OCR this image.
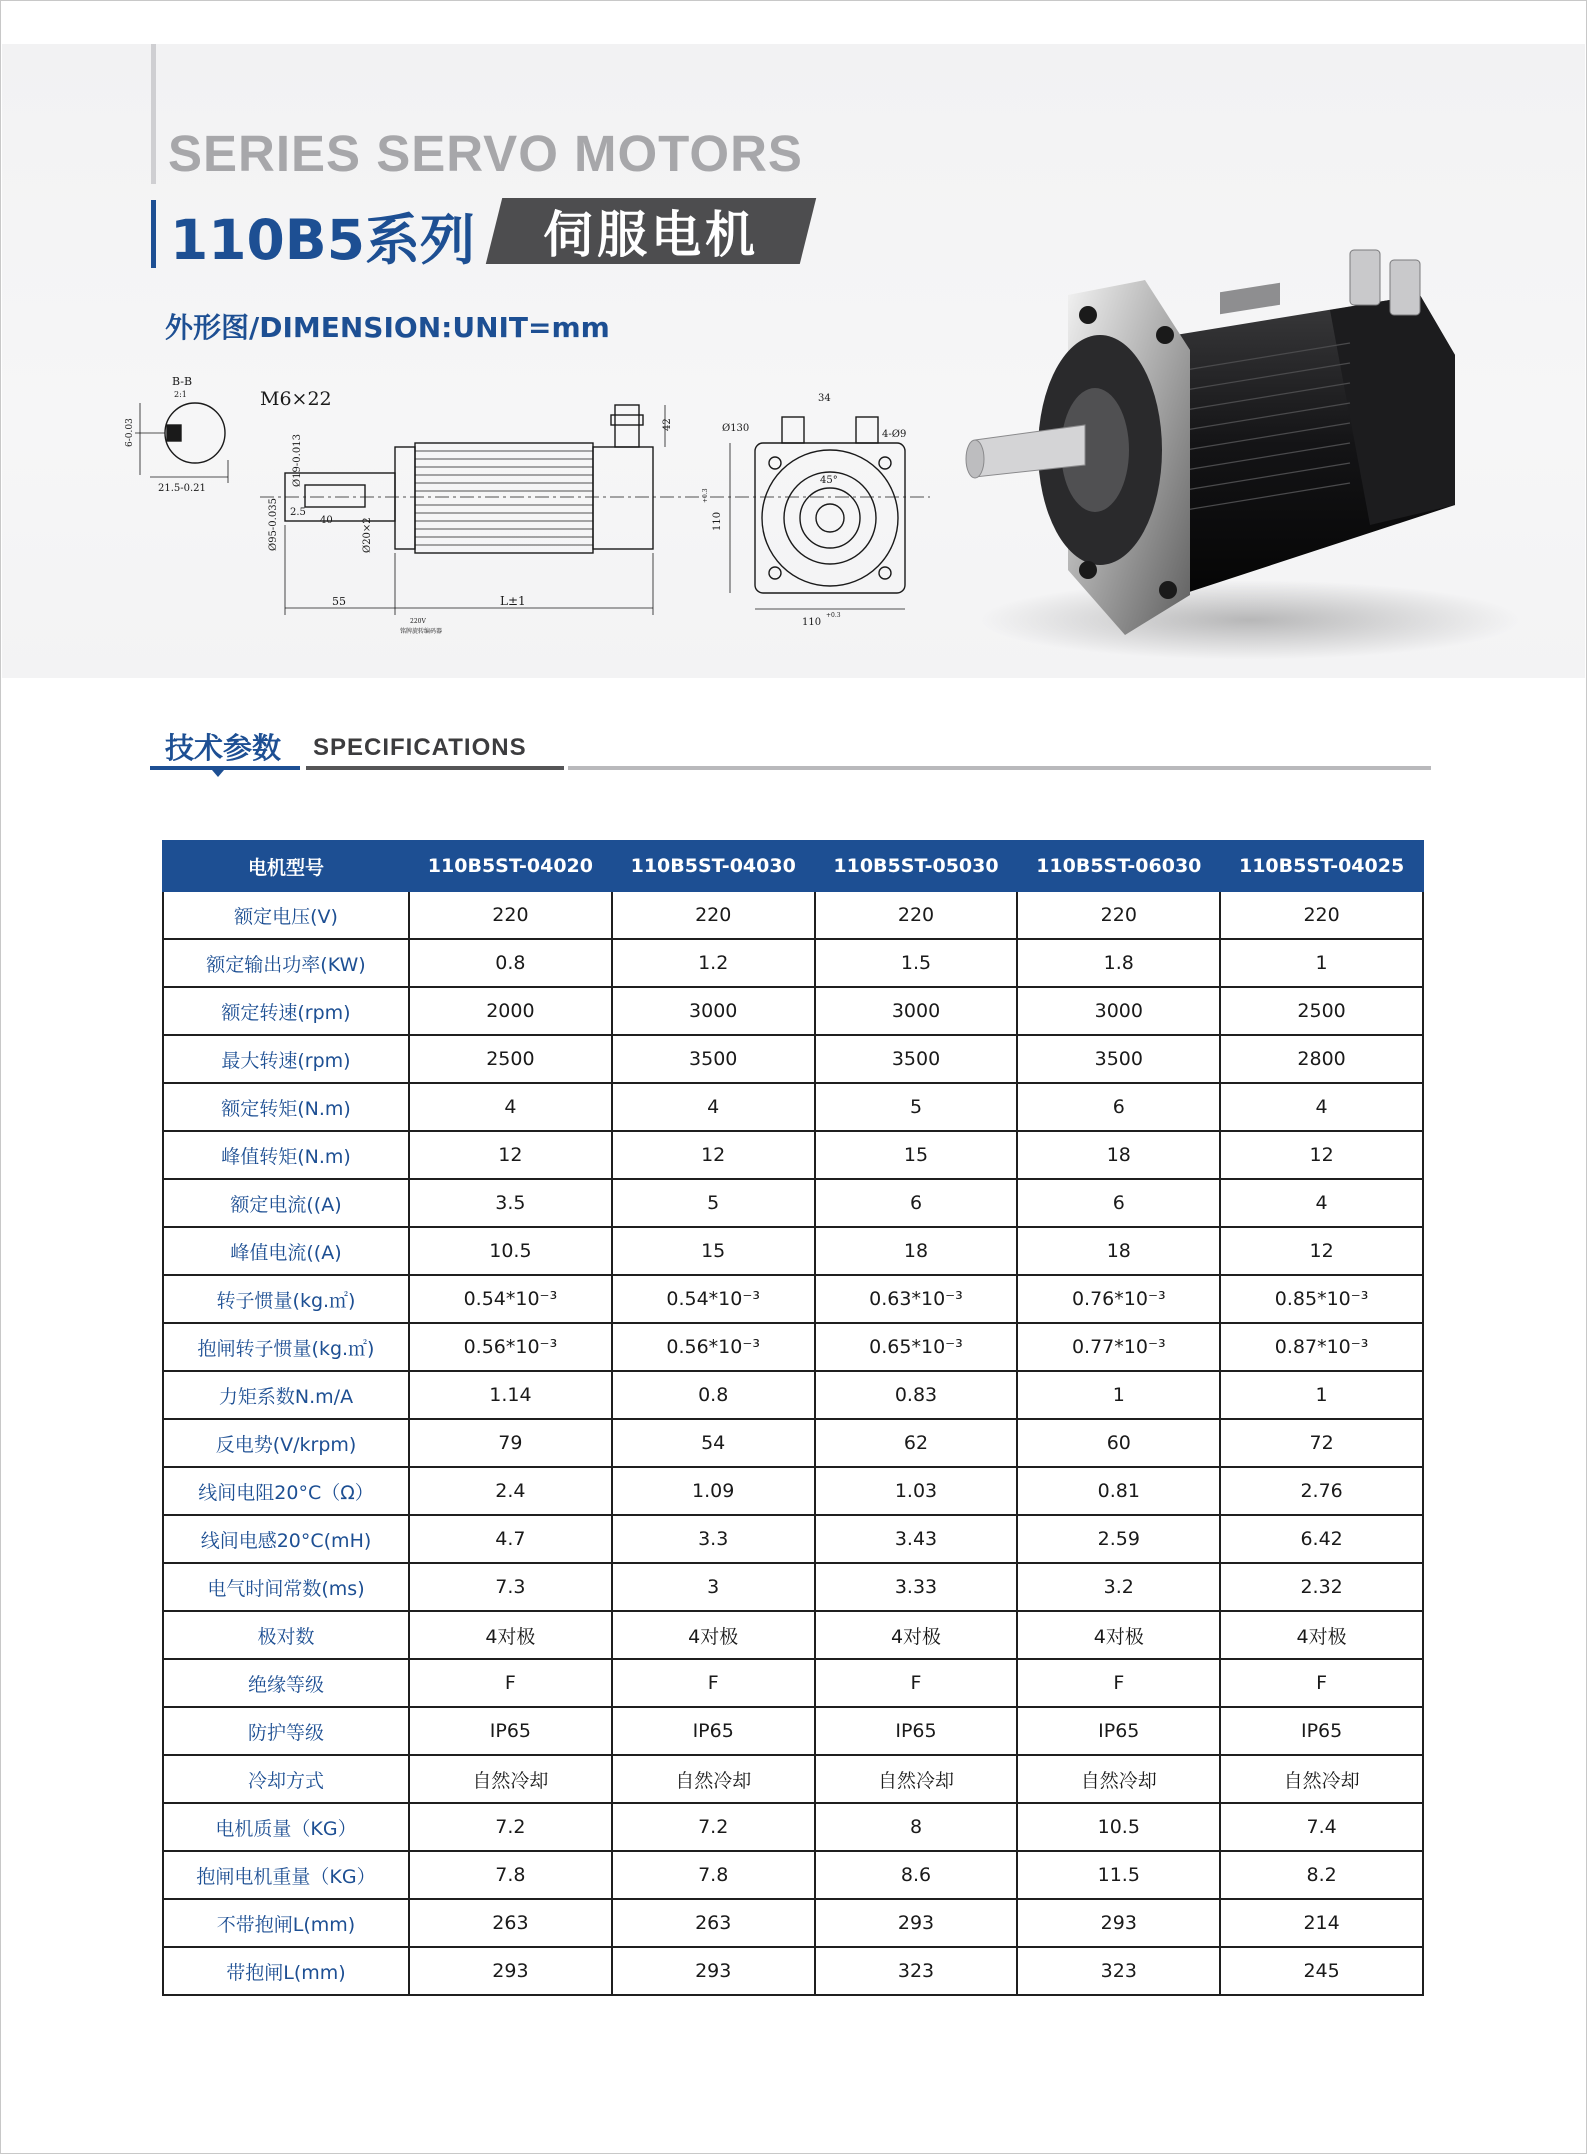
SERIES SERVO MOTORS
110B5系列	伺服电机
外形图/DIMENSION:UNIT=mm
B-B
2:1
6-0.03
21.5-0.21
M6×22
Ø19-0.013
Ø95-0.035	40
2.5
55	L±1
42
Ø20×2
220V
铭牌旋转编码器
Ø130
34
4-Ø9
45°
110
+0.3
110
+0.3
技术参数 SPECIFICATIONS
电机型号	110B5ST-04020	110B5ST-04030	110B5ST-05030	110B5ST-06030	110B5ST-04025
额定电压(V)	220	220	220	220	220
额定输出功率(KW)	0.8	1.2	1.5	1.8	1
额定转速(rpm)	2000	3000	3000	3000	2500
最大转速(rpm)	2500	3500	3500	3500	2800
额定转矩(N.m)	4	4	5	6	4
峰值转矩(N.m)	12	12	15	18	12
额定电流((A)	3.5	5	6	6	4
峰值电流((A)	10.5	15	18	18	12
转子惯量(kg.㎡)	0.54*10⁻³	0.54*10⁻³	0.63*10⁻³	0.76*10⁻³	0.85*10⁻³
抱闸转子惯量(kg.㎡)	0.56*10⁻³	0.56*10⁻³	0.65*10⁻³	0.77*10⁻³	0.87*10⁻³
力矩系数N.m/A	1.14	0.8	0.83	1	1
反电势(V/krpm)	79	54	62	60	72
线间电阻20°C（Ω）	2.4	1.09	1.03	0.81	2.76
线间电感20°C(mH)	4.7	3.3	3.43	2.59	6.42
电气时间常数(ms)	7.3	3	3.33	3.2	2.32
极对数	4对极	4对极	4对极	4对极	4对极
绝缘等级	F	F	F	F	F
防护等级	IP65	IP65	IP65	IP65	IP65
冷却方式	自然冷却	自然冷却	自然冷却	自然冷却	自然冷却
电机质量（KG）	7.2	7.2	8	10.5	7.4
抱闸电机重量（KG）	7.8	7.8	8.6	11.5	8.2
不带抱闸L(mm)	263	263	293	293	214
带抱闸L(mm)	293	293	323	323	245
